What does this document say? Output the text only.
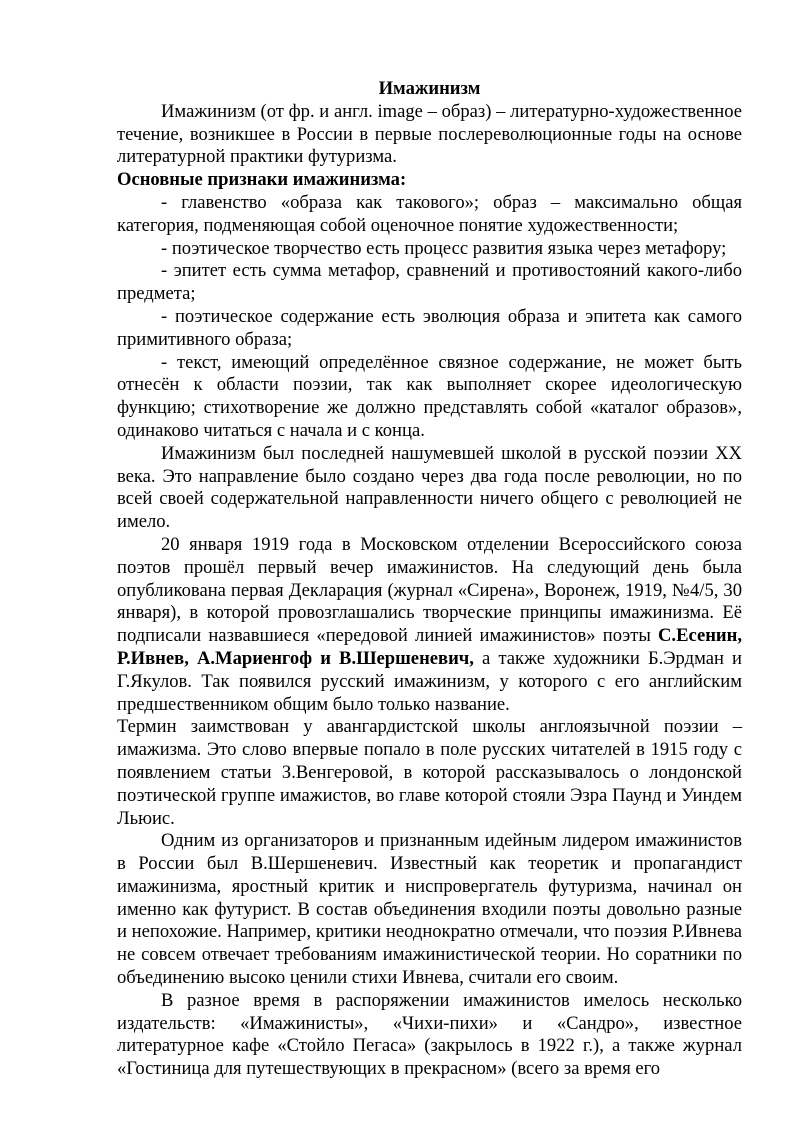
Имажинизм

Имажинизм (от фр. и англ. image – образ) – литературно-художественное течение, возникшее в России в первые послереволюционные годы на основе литературной практики футуризма.

Основные признаки имажинизма:

- главенство «образа как такового»; образ – максимально общая категория, подменяющая собой оценочное понятие художественности;

- поэтическое творчество есть процесс развития языка через метафору;

- эпитет есть сумма метафор, сравнений и противостояний какого-либо предмета;

- поэтическое содержание есть эволюция образа и эпитета как самого примитивного образа;

- текст, имеющий определённое связное содержание, не может быть отнесён к области поэзии, так как выполняет скорее идеологическую функцию; стихотворение же должно представлять собой «каталог образов», одинаково читаться с начала и с конца.

Имажинизм был последней нашумевшей школой в русской поэзии XX века. Это направление было создано через два года после революции, но по всей своей содержательной направленности ничего общего с революцией не имело.

20 января 1919 года в Московском отделении Всероссийского союза поэтов прошёл первый вечер имажинистов. На следующий день была опубликована первая Декларация (журнал «Сирена», Воронеж, 1919, №4/5, 30 января), в которой провозглашались творческие принципы имажинизма. Её подписали назвавшиеся «передовой линией имажинистов» поэты С.Есенин, Р.Ивнев, А.Мариенгоф и В.Шершеневич, а также художники Б.Эрдман и Г.Якулов. Так появился русский имажинизм, у которого с его английским предшественником общим было только название.

Термин заимствован у авангардистской школы англоязычной поэзии – имажизма. Это слово впервые попало в поле русских читателей в 1915 году с появлением статьи З.Венгеровой, в которой рассказывалось о лондонской поэтической группе имажистов, во главе которой стояли Эзра Паунд и Уиндем Льюис.

Одним из организаторов и признанным идейным лидером имажинистов в России был В.Шершеневич. Известный как теоретик и пропагандист имажинизма, яростный критик и ниспровергатель футуризма, начинал он именно как футурист. В состав объединения входили поэты довольно разные и непохожие. Например, критики неоднократно отмечали, что поэзия Р.Ивнева не совсем отвечает требованиям имажинистической теории. Но соратники по объединению высоко ценили стихи Ивнева, считали его своим.

В разное время в распоряжении имажинистов имелось несколько издательств: «Имажинисты», «Чихи-пихи» и «Сандро», известное литературное кафе «Стойло Пегаса» (закрылось в 1922 г.), а также журнал «Гостиница для путешествующих в прекрасном» (всего за время его
